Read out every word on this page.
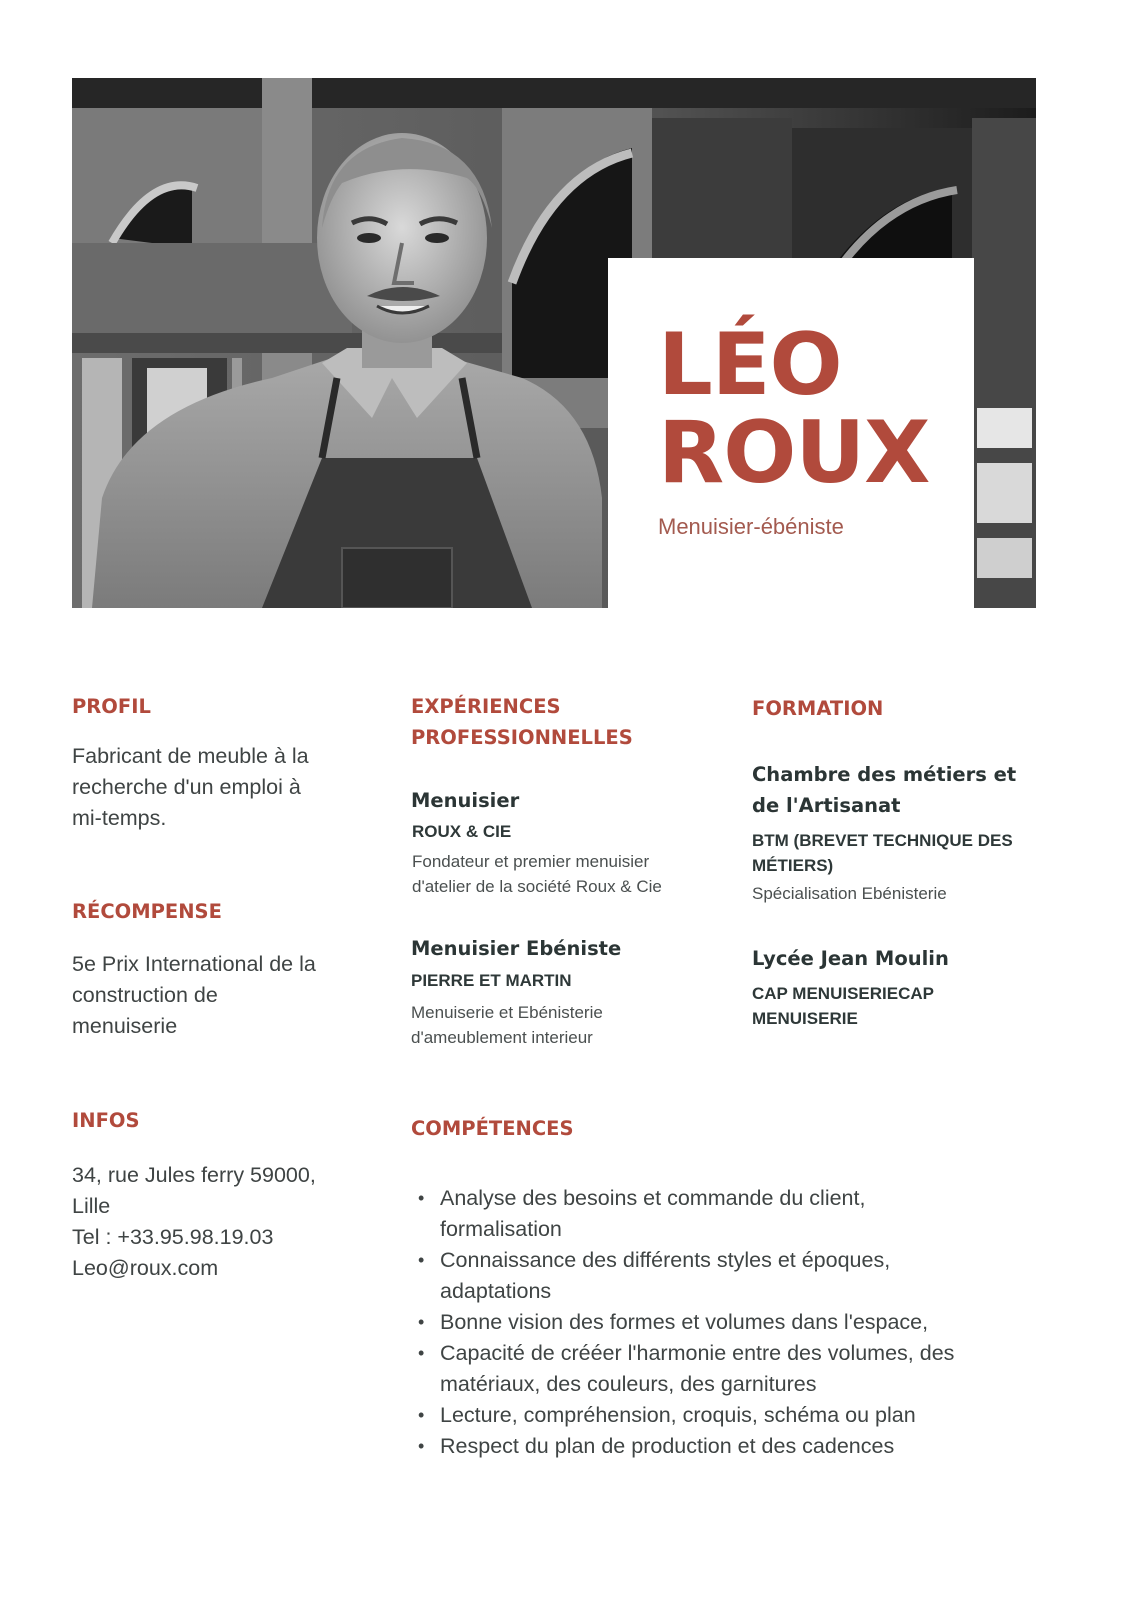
LÉO
ROUX
Menuisier-ébéniste
PROFIL
Fabricant de meuble à la
recherche d'un emploi à
mi-temps.
RÉCOMPENSE
5e Prix International de la
construction de
menuiserie
INFOS
34, rue Jules ferry 59000,
Lille
Tel : +33.95.98.19.03
Leo@roux.com
EXPÉRIENCES
PROFESSIONNELLES
Menuisier
ROUX & CIE
Fondateur et premier menuisier
d'atelier de la société Roux & Cie
Menuisier Ebéniste
PIERRE ET MARTIN
Menuiserie et Ebénisterie
d'ameublement interieur
FORMATION
Chambre des métiers et
de l'Artisanat
BTM (BREVET TECHNIQUE DES
MÉTIERS)
Spécialisation Ebénisterie
Lycée Jean Moulin
CAP MENUISERIECAP
MENUISERIE
COMPÉTENCES
• Analyse des besoins et commande du client,
formalisation
• Connaissance des différents styles et époques,
adaptations
• Bonne vision des formes et volumes dans l'espace,
• Capacité de crééer l'harmonie entre des volumes, des
matériaux, des couleurs, des garnitures
• Lecture, compréhension, croquis, schéma ou plan
• Respect du plan de production et des cadences
